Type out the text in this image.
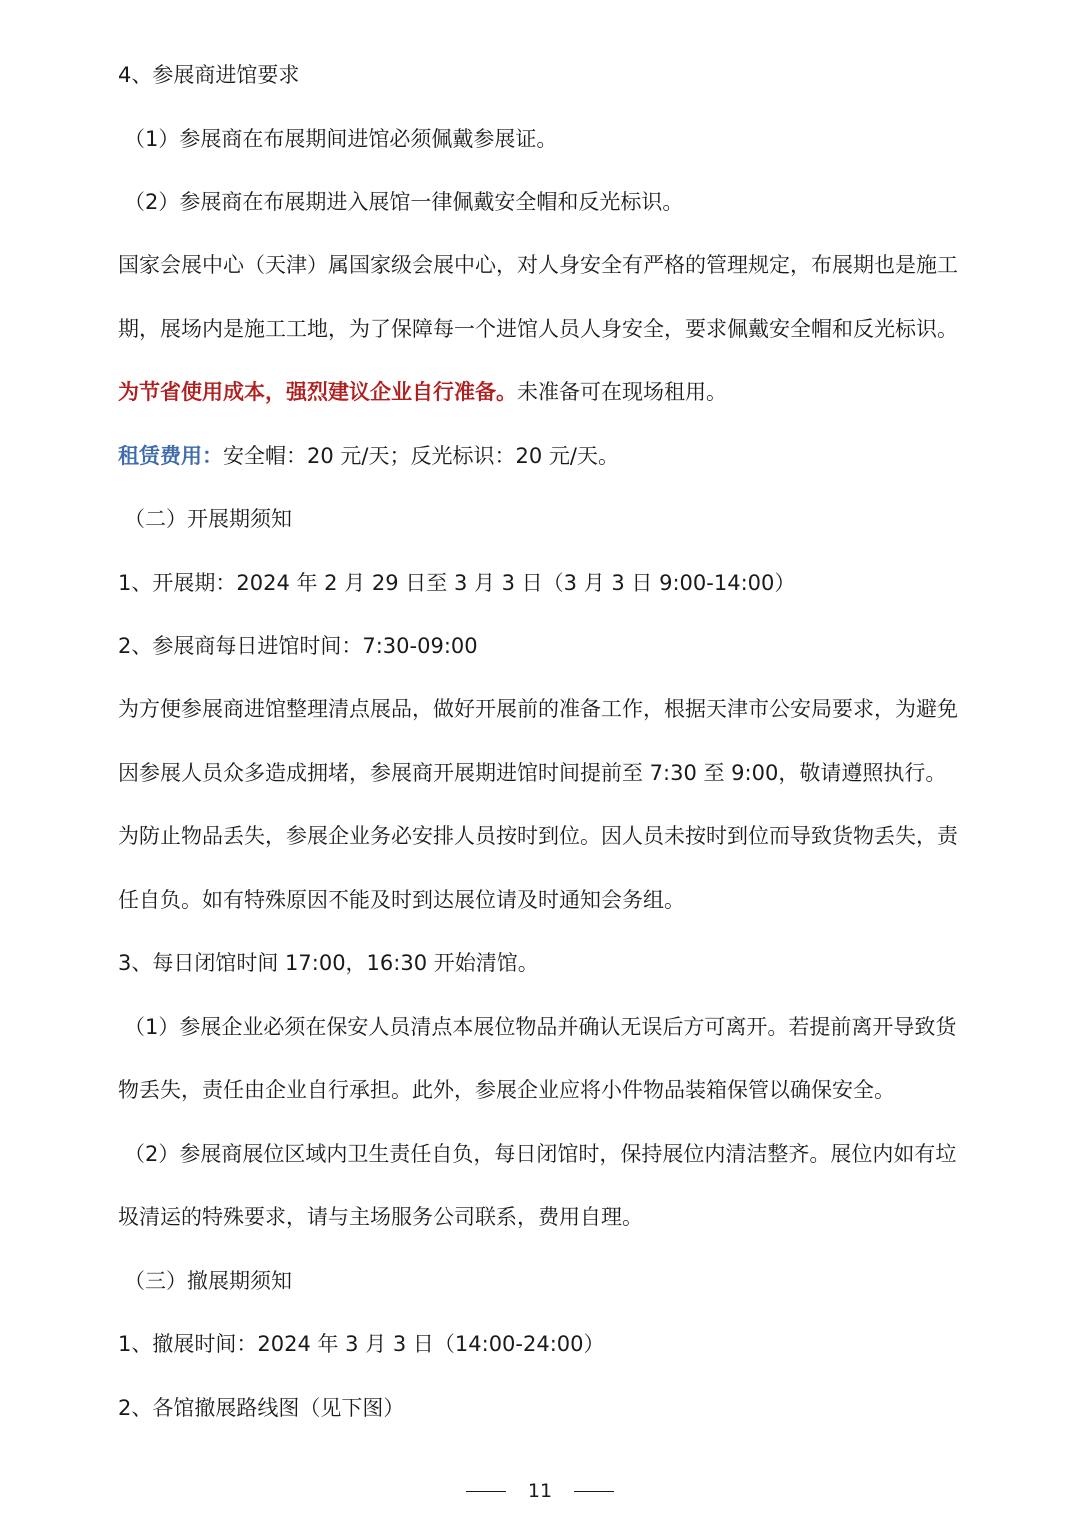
4、参展商进馆要求
（1）参展商在布展期间进馆必须佩戴参展证。
（2）参展商在布展期进入展馆一律佩戴安全帽和反光标识。
国家会展中心（天津）属国家级会展中心，对人身安全有严格的管理规定，布展期也是施工
期，展场内是施工工地，为了保障每一个进馆人员人身安全，要求佩戴安全帽和反光标识。
为节省使用成本，强烈建议企业自行准备。未准备可在现场租用。
租赁费用：安全帽：20 元/天；反光标识：20 元/天。
（二）开展期须知
1、开展期：2024 年 2 月 29 日至 3 月 3 日（3 月 3 日 9:00-14:00）
2、参展商每日进馆时间：7:30-09:00
为方便参展商进馆整理清点展品，做好开展前的准备工作，根据天津市公安局要求，为避免
因参展人员众多造成拥堵，参展商开展期进馆时间提前至 7:30 至 9:00，敬请遵照执行。
为防止物品丢失，参展企业务必安排人员按时到位。因人员未按时到位而导致货物丢失，责
任自负。如有特殊原因不能及时到达展位请及时通知会务组。
3、每日闭馆时间 17:00，16:30 开始清馆。
（1）参展企业必须在保安人员清点本展位物品并确认无误后方可离开。若提前离开导致货
物丢失，责任由企业自行承担。此外，参展企业应将小件物品装箱保管以确保安全。
（2）参展商展位区域内卫生责任自负，每日闭馆时，保持展位内清洁整齐。展位内如有垃
圾清运的特殊要求，请与主场服务公司联系，费用自理。
（三）撤展期须知
1、撤展时间：2024 年 3 月 3 日（14:00-24:00）
2、各馆撤展路线图（见下图）
11
